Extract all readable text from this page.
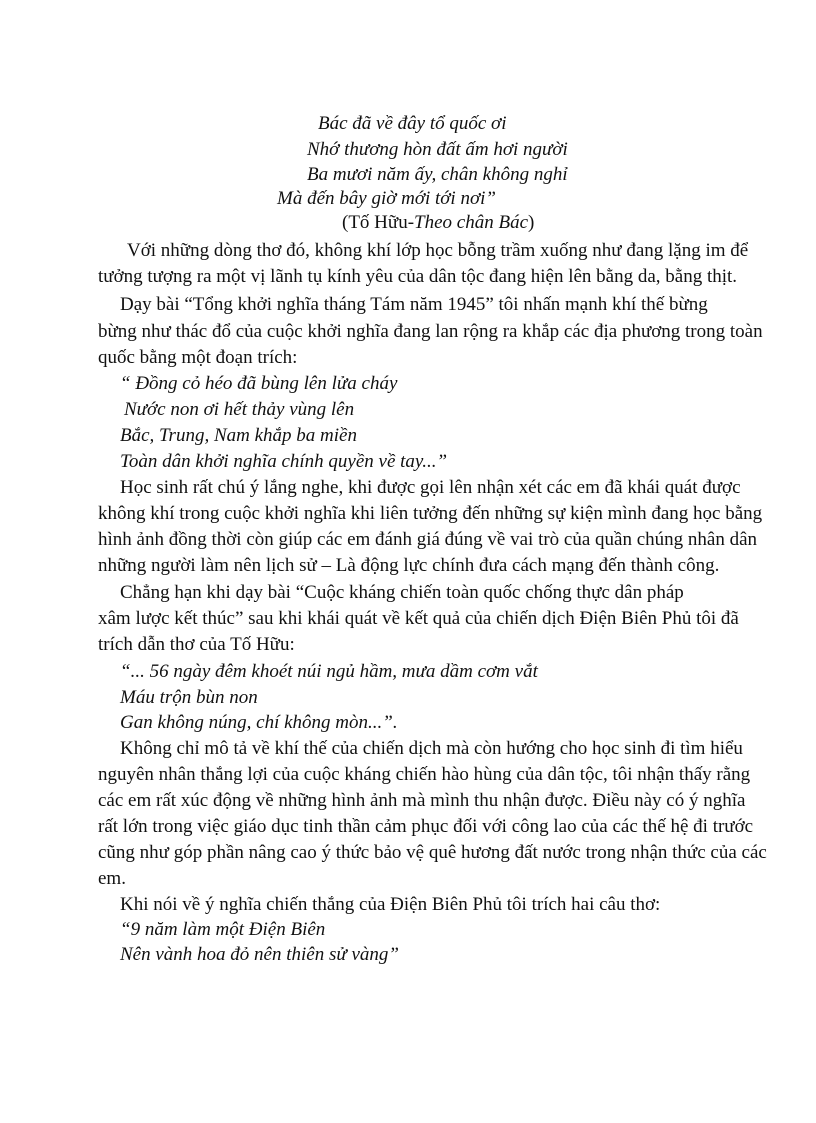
Bác đã về đây tổ quốc ơi
Nhớ thương hòn đất ấm hơi người
Ba mươi năm ấy, chân không nghỉ
Mà đến bây giờ mới tới nơi”
(Tố Hữu-Theo chân Bác)
Với những dòng thơ đó, không khí lớp học bỗng trầm xuống như đang lặng im để
tưởng tượng ra một vị lãnh tụ kính yêu của dân tộc đang hiện lên bằng da, bằng thịt.
Dạy bài “Tổng khởi nghĩa tháng Tám năm 1945” tôi nhấn mạnh khí thế bừng
bừng như thác đổ của cuộc khởi nghĩa đang lan rộng ra khắp các địa phương trong toàn
quốc bằng một đoạn trích:
“ Đồng cỏ héo đã bùng lên lửa cháy
Nước non ơi hết thảy vùng lên
Bắc, Trung, Nam khắp ba miền
Toàn dân khởi nghĩa chính quyền về tay...”
Học sinh rất chú ý lắng nghe, khi được gọi lên nhận xét các em đã khái quát được
không khí trong cuộc khởi nghĩa khi liên tưởng đến những sự kiện mình đang học bằng
hình ảnh đồng thời còn giúp các em đánh giá đúng về vai trò của quần chúng nhân dân
những người làm nên lịch sử – Là động lực chính đưa cách mạng đến thành công.
Chẳng hạn khi dạy bài “Cuộc kháng chiến toàn quốc chống thực dân pháp
xâm lược kết thúc” sau khi khái quát về kết quả của chiến dịch Điện Biên Phủ tôi đã
trích dẫn thơ của Tố Hữu:
“... 56 ngày đêm khoét núi ngủ hầm, mưa dầm cơm vắt
Máu trộn bùn non
Gan không núng, chí không mòn...”.
Không chỉ mô tả về khí thế của chiến dịch mà còn hướng cho học sinh đi tìm hiểu
nguyên nhân thắng lợi của cuộc kháng chiến hào hùng của dân tộc, tôi nhận thấy rằng
các em rất xúc động về những hình ảnh mà mình thu nhận được. Điều này có ý nghĩa
rất lớn trong việc giáo dục tinh thần cảm phục đối với công lao của các thế hệ đi trước
cũng như góp phần nâng cao ý thức bảo vệ quê hương đất nước trong nhận thức của các
em.
Khi nói về ý nghĩa chiến thắng của Điện Biên Phủ tôi trích hai câu thơ:
“9 năm làm một Điện Biên
Nên vành hoa đỏ nên thiên sử vàng”
